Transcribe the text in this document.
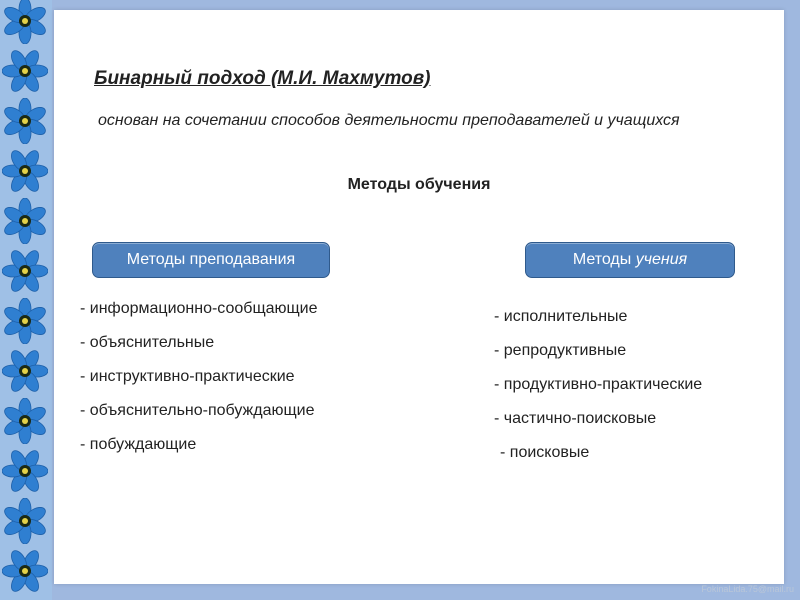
Бинарный подход (М.И. Махмутов)
основан на сочетании способов деятельности преподавателей и учащихся
Методы обучения
Методы преподавания	Методы учения
- информационно-сообщающие
- объяснительные
- инструктивно-практические
- объяснительно-побуждающие
- побуждающие
- исполнительные
- репродуктивные
- продуктивно-практические
- частично-поисковые
- поисковые
FokinaLida.75@mail.ru
